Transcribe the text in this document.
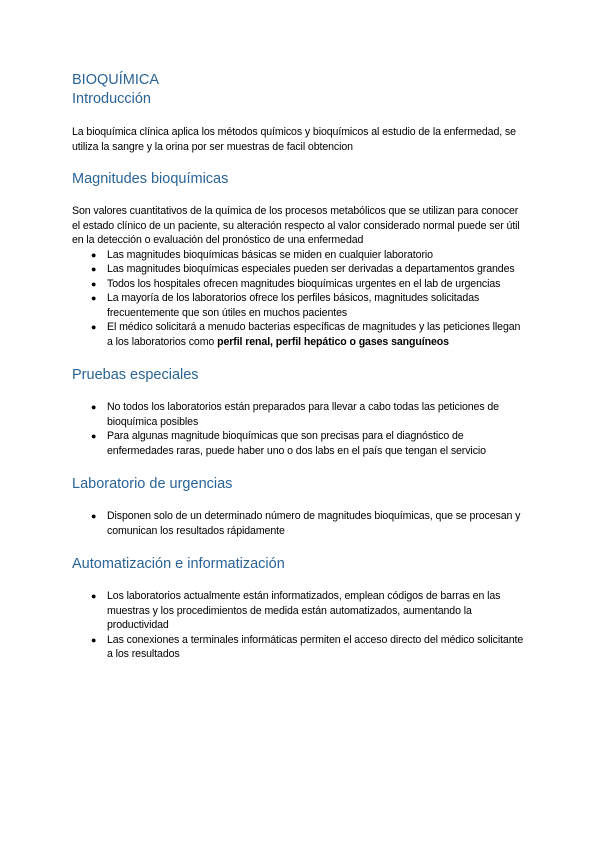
BIOQUÍMICA
Introducción

La bioquímica clínica aplica los métodos químicos y bioquímicos al estudio de la enfermedad, se utiliza la sangre y la orina por ser muestras de facil obtencion

Magnitudes bioquímicas

Son valores cuantitativos de la química de los procesos metabólicos que se utilizan para conocer el estado clínico de un paciente, su alteración respecto al valor considerado normal puede ser útil en la detección o evaluación del pronóstico de una enfermedad

● Las magnitudes bioquímicas básicas se miden en cualquier laboratorio
● Las magnitudes bioquímicas especiales pueden ser derivadas a departamentos grandes
● Todos los hospitales ofrecen magnitudes bioquímicas urgentes en el lab de urgencias
● La mayoría de los laboratorios ofrece los perfiles básicos, magnitudes solicitadas frecuentemente que son útiles en muchos pacientes
● El médico solicitará a menudo bacterias específicas de magnitudes y las peticiones llegan a los laboratorios como perfil renal, perfil hepático o gases sanguíneos
Pruebas especiales
● No todos los laboratorios están preparados para llevar a cabo todas las peticiones de bioquímica posibles
● Para algunas magnitude bioquímicas que son precisas para el diagnóstico de enfermedades raras, puede haber uno o dos labs en el país que tengan el servicio
Laboratorio de urgencias
● Disponen solo de un determinado número de magnitudes bioquímicas, que se procesan y comunican los resultados rápidamente
Automatización e informatización
● Los laboratorios actualmente están informatizados, emplean códigos de barras en las muestras y los procedimientos de medida están automatizados, aumentando la productividad
● Las conexiones a terminales informáticas permiten el acceso directo del médico solicitante a los resultados
